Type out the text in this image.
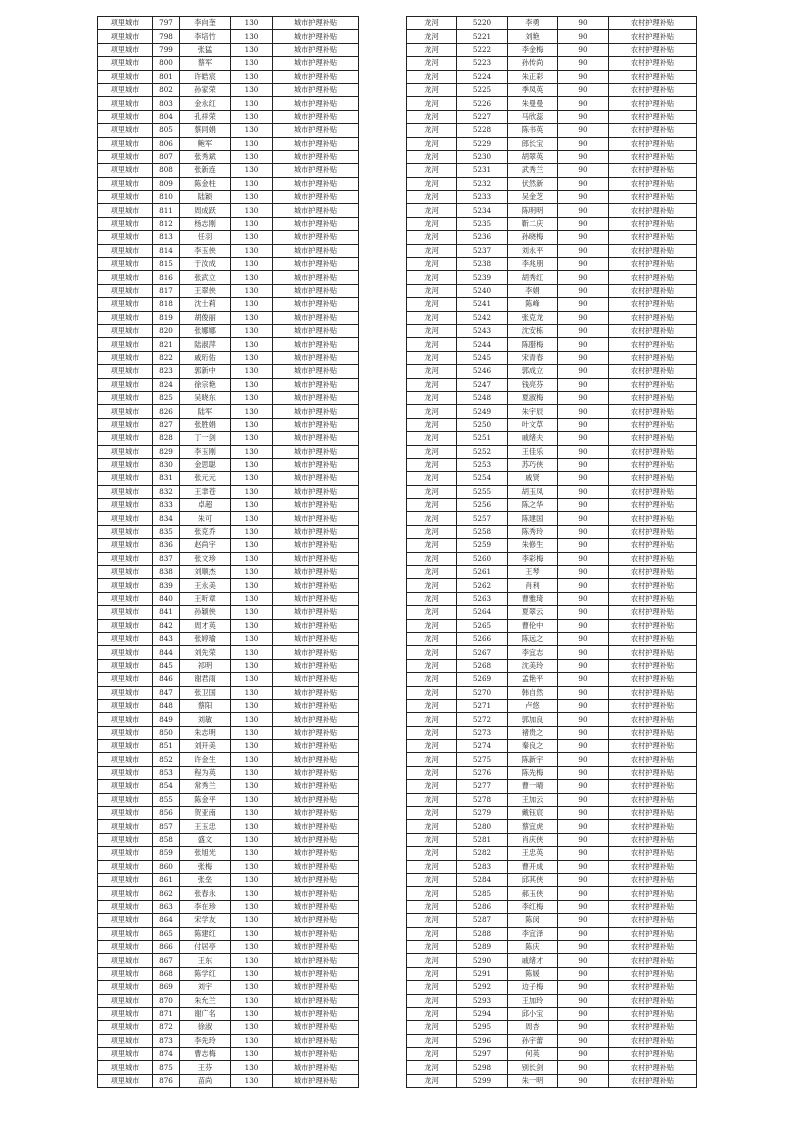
项里城市	797	李向奎	130	城市护理补贴
项里城市	798	李培竹	130	城市护理补贴
项里城市	799	张猛	130	城市护理补贴
项里城市	800	蔡军	130	城市护理补贴
项里城市	801	许皓宸	130	城市护理补贴
项里城市	802	孙家荣	130	城市护理补贴
项里城市	803	金永红	130	城市护理补贴
项里城市	804	孔祥荣	130	城市护理补贴
项里城市	805	蔡同娟	130	城市护理补贴
项里城市	806	鲍军	130	城市护理补贴
项里城市	807	张秀斌	130	城市护理补贴
项里城市	808	张新连	130	城市护理补贴
项里城市	809	陈金柱	130	城市护理补贴
项里城市	810	陆颖	130	城市护理补贴
项里城市	811	周成跃	130	城市护理补贴
项里城市	812	杨志刚	130	城市护理补贴
项里城市	813	任羽	130	城市护理补贴
项里城市	814	李玉侠	130	城市护理补贴
项里城市	815	于汝成	130	城市护理补贴
项里城市	816	张武立	130	城市护理补贴
项里城市	817	王翠侠	130	城市护理补贴
项里城市	818	沈士莉	130	城市护理补贴
项里城市	819	胡俊丽	130	城市护理补贴
项里城市	820	张娜娜	130	城市护理补贴
项里城市	821	陆淑萍	130	城市护理补贴
项里城市	822	戚珩佑	130	城市护理补贴
项里城市	823	郭新中	130	城市护理补贴
项里城市	824	徐宗艳	130	城市护理补贴
项里城市	825	吴晓东	130	城市护理补贴
项里城市	826	陆军	130	城市护理补贴
项里城市	827	张胜娟	130	城市护理补贴
项里城市	828	丁一剑	130	城市护理补贴
项里城市	829	李玉刚	130	城市护理补贴
项里城市	830	金思聪	130	城市护理补贴
项里城市	831	张元元	130	城市护理补贴
项里城市	832	王聿苍	130	城市护理补贴
项里城市	833	卓超	130	城市护理补贴
项里城市	834	朱可	130	城市护理补贴
项里城市	835	张克乔	130	城市护理补贴
项里城市	836	赵尚宇	130	城市护理补贴
项里城市	837	张文珍	130	城市护理补贴
项里城市	838	刘顺杰	130	城市护理补贴
项里城市	839	王永美	130	城市护理补贴
项里城市	840	王听章	130	城市护理补贴
项里城市	841	孙颖侠	130	城市护理补贴
项里城市	842	周才英	130	城市护理补贴
项里城市	843	张婷瑜	130	城市护理补贴
项里城市	844	刘先荣	130	城市护理补贴
项里城市	845	祁明	130	城市护理补贴
项里城市	846	谢君雨	130	城市护理补贴
项里城市	847	张卫国	130	城市护理补贴
项里城市	848	蔡阳	130	城市护理补贴
项里城市	849	刘敏	130	城市护理补贴
项里城市	850	朱志明	130	城市护理补贴
项里城市	851	刘开美	130	城市护理补贴
项里城市	852	许金生	130	城市护理补贴
项里城市	853	程为英	130	城市护理补贴
项里城市	854	常秀兰	130	城市护理补贴
项里城市	855	陈金平	130	城市护理补贴
项里城市	856	贺亚南	130	城市护理补贴
项里城市	857	王玉忠	130	城市护理补贴
项里城市	858	盛文	130	城市护理补贴
项里城市	859	张旭光	130	城市护理补贴
项里城市	860	张梅	130	城市护理补贴
项里城市	861	张垒	130	城市护理补贴
项里城市	862	张春永	130	城市护理补贴
项里城市	863	李在珍	130	城市护理补贴
项里城市	864	宋学友	130	城市护理补贴
项里城市	865	陈建红	130	城市护理补贴
项里城市	866	付居亭	130	城市护理补贴
项里城市	867	王东	130	城市护理补贴
项里城市	868	陈学红	130	城市护理补贴
项里城市	869	刘宇	130	城市护理补贴
项里城市	870	朱允兰	130	城市护理补贴
项里城市	871	谢广名	130	城市护理补贴
项里城市	872	徐淑	130	城市护理补贴
项里城市	873	李先玲	130	城市护理补贴
项里城市	874	曹志梅	130	城市护理补贴
项里城市	875	王芬	130	城市护理补贴
项里城市	876	苗尚	130	城市护理补贴
龙河	5220	李勇	90	农村护理补贴
龙河	5221	刘艳	90	农村护理补贴
龙河	5222	李金梅	90	农村护理补贴
龙河	5223	孙传尚	90	农村护理补贴
龙河	5224	朱正彩	90	农村护理补贴
龙河	5225	季凤英	90	农村护理补贴
龙河	5226	朱曼曼	90	农村护理补贴
龙河	5227	马欣蕊	90	农村护理补贴
龙河	5228	陈书英	90	农村护理补贴
龙河	5229	郎长宝	90	农村护理补贴
龙河	5230	胡翠英	90	农村护理补贴
龙河	5231	武秀兰	90	农村护理补贴
龙河	5232	伏然新	90	农村护理补贴
龙河	5233	吴金芝	90	农村护理补贴
龙河	5234	陈明明	90	农村护理补贴
龙河	5235	靳二庆	90	农村护理补贴
龙河	5236	孙晓梅	90	农村护理补贴
龙河	5237	刘永平	90	农村护理补贴
龙河	5238	李兆朋	90	农村护理补贴
龙河	5239	胡秀红	90	农村护理补贴
龙河	5240	李娟	90	农村护理补贴
龙河	5241	陈峰	90	农村护理补贴
龙河	5242	张克龙	90	农村护理补贴
龙河	5243	沈安栋	90	农村护理补贴
龙河	5244	陈腊梅	90	农村护理补贴
龙河	5245	宋青春	90	农村护理补贴
龙河	5246	郭成立	90	农村护理补贴
龙河	5247	钱亮芬	90	农村护理补贴
龙河	5248	夏淑梅	90	农村护理补贴
龙河	5249	朱宇辰	90	农村护理补贴
龙河	5250	叶文草	90	农村护理补贴
龙河	5251	戚绪夫	90	农村护理补贴
龙河	5252	王佳乐	90	农村护理补贴
龙河	5253	苏巧侠	90	农村护理补贴
龙河	5254	戚贤	90	农村护理补贴
龙河	5255	胡玉凤	90	农村护理补贴
龙河	5256	陈之华	90	农村护理补贴
龙河	5257	陈建国	90	农村护理补贴
龙河	5258	陈秀玲	90	农村护理补贴
龙河	5259	朱修生	90	农村护理补贴
龙河	5260	李彩梅	90	农村护理补贴
龙河	5261	王琴	90	农村护理补贴
龙河	5262	肖利	90	农村护理补贴
龙河	5263	曹雅琦	90	农村护理补贴
龙河	5264	夏翠云	90	农村护理补贴
龙河	5265	曹伦中	90	农村护理补贴
龙河	5266	陈远之	90	农村护理补贴
龙河	5267	李宜志	90	农村护理补贴
龙河	5268	沈美玲	90	农村护理补贴
龙河	5269	孟艳平	90	农村护理补贴
龙河	5270	韩自然	90	农村护理补贴
龙河	5271	卢悠	90	农村护理补贴
龙河	5272	郭加良	90	农村护理补贴
龙河	5273	褚贵之	90	农村护理补贴
龙河	5274	秦良之	90	农村护理补贴
龙河	5275	陈新宇	90	农村护理补贴
龙河	5276	陈先梅	90	农村护理补贴
龙河	5277	曹一晴	90	农村护理补贴
龙河	5278	王加云	90	农村护理补贴
龙河	5279	戴钰宸	90	农村护理补贴
龙河	5280	蔡宜虎	90	农村护理补贴
龙河	5281	肖庆侠	90	农村护理补贴
龙河	5282	王忠英	90	农村护理补贴
龙河	5283	曹开成	90	农村护理补贴
龙河	5284	邱其侠	90	农村护理补贴
龙河	5285	郝玉侠	90	农村护理补贴
龙河	5286	李红梅	90	农村护理补贴
龙河	5287	陈闵	90	农村护理补贴
龙河	5288	李宜泽	90	农村护理补贴
龙河	5289	陈庆	90	农村护理补贴
龙河	5290	戚绪才	90	农村护理补贴
龙河	5291	陈媛	90	农村护理补贴
龙河	5292	边子梅	90	农村护理补贴
龙河	5293	王加玲	90	农村护理补贴
龙河	5294	邱小宝	90	农村护理补贴
龙河	5295	周杏	90	农村护理补贴
龙河	5296	孙宇蕾	90	农村护理补贴
龙河	5297	何英	90	农村护理补贴
龙河	5298	别长剑	90	农村护理补贴
龙河	5299	朱一明	90	农村护理补贴
